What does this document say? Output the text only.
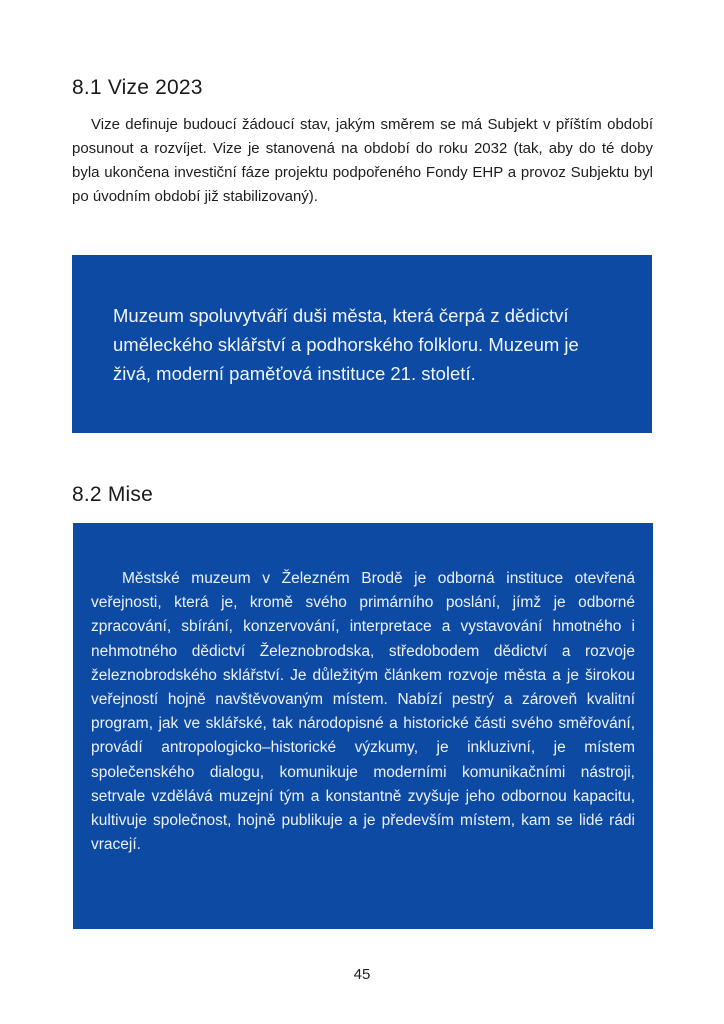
8.1 Vize 2023

Vize definuje budoucí žádoucí stav, jakým směrem se má Subjekt v příštím období posunout a rozvíjet. Vize je stanovená na období do roku 2032 (tak, aby do té doby byla ukončena investiční fáze projektu podpořeného Fondy EHP a provoz Subjektu byl po úvodním období již stabilizovaný).

Muzeum spoluvytváří duši města, která čerpá z dědictví uměleckého sklářství a podhorského folkloru. Muzeum je živá, moderní paměťová instituce 21. století.

8.2 Mise

Městské muzeum v Železném Brodě je odborná instituce otevřená veřejnosti, která je, kromě svého primárního poslání, jímž je odborné zpracování, sbírání, konzervování, interpretace a vystavování hmotného i nehmotného dědictví Železnobrodska, středobodem dědictví a rozvoje železnobrodského sklářství. Je důležitým článkem rozvoje města a je širokou veřejností hojně navštěvovaným místem. Nabízí pestrý a zároveň kvalitní program, jak ve sklářské, tak národopisné a historické části svého směřování, provádí antropologicko–historické výzkumy, je inkluzivní, je místem společenského dialogu, komunikuje moderními komunikačními nástroji, setrvale vzdělává muzejní tým a konstantně zvyšuje jeho odbornou kapacitu, kultivuje společnost, hojně publikuje a je především místem, kam se lidé rádi vracejí.

45
